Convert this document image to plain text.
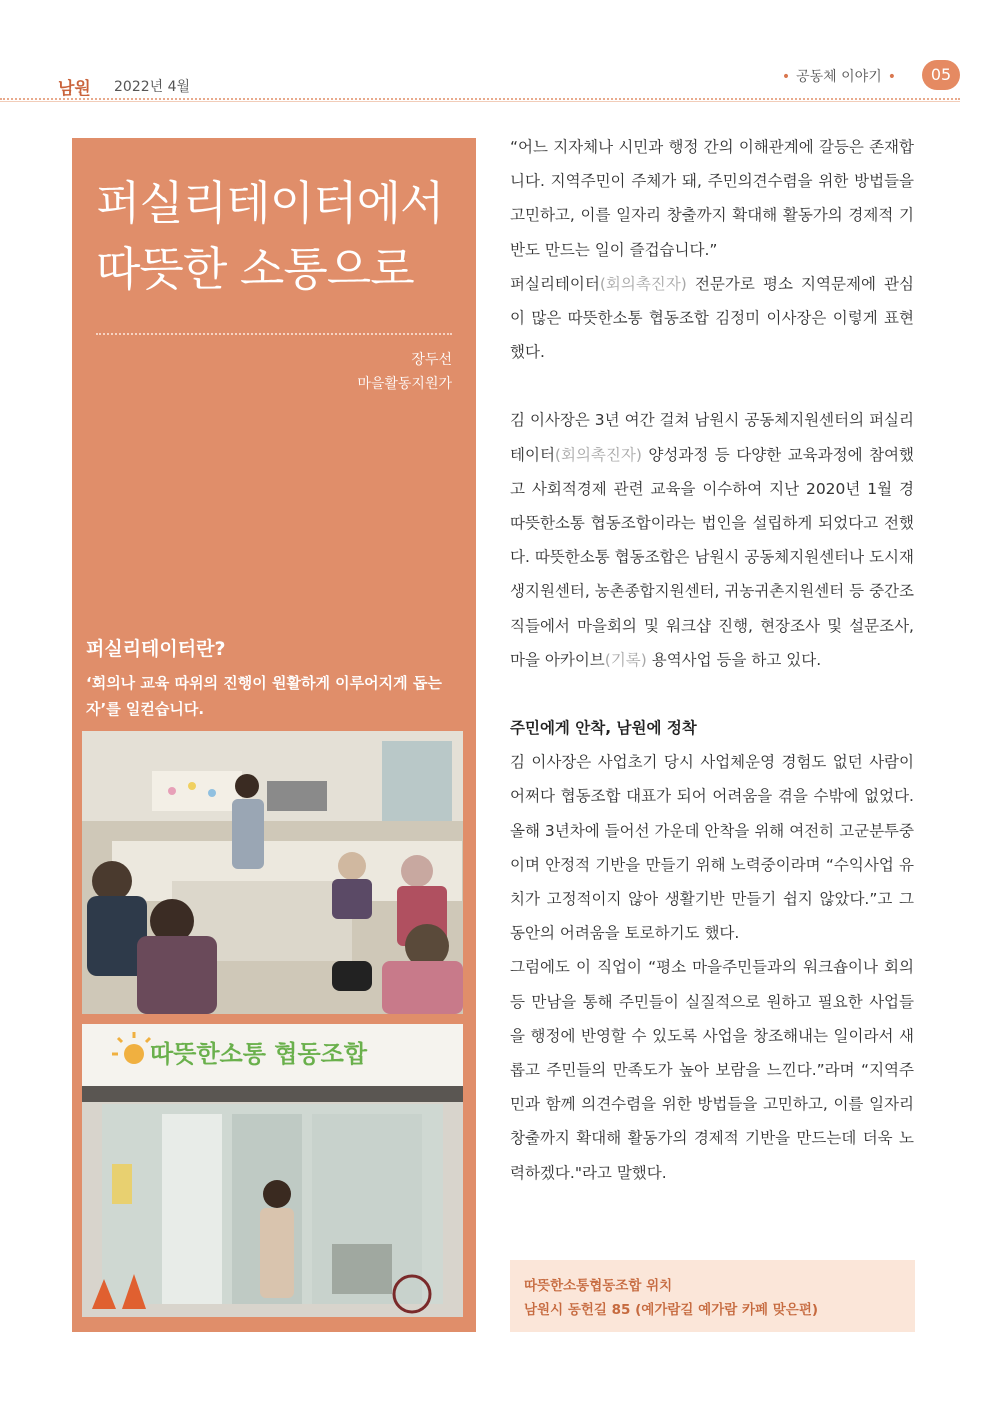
남원 2022년 4월
• 공동체 이야기 •	05
퍼실리테이터에서
따뜻한 소통으로
장두선
마을활동지원가
퍼실리테이터란?
‘회의나 교육 따위의 진행이 원활하게 이루어지게 돕는 자’를 일컫습니다.
따뜻한소통 협동조합

“어느 지자체나 시민과 행정 간의 이해관계에 갈등은 존재합니다. 지역주민이 주체가 돼, 주민의견수렴을 위한 방법들을 고민하고, 이를 일자리 창출까지 확대해 활동가의 경제적 기반도 만드는 일이 즐겁습니다.”

퍼실리테이터(회의촉진자) 전문가로 평소 지역문제에 관심이 많은 따뜻한소통 협동조합 김정미 이사장은 이렇게 표현했다.

김 이사장은 3년 여간 걸쳐 남원시 공동체지원센터의 퍼실리테이터(회의촉진자) 양성과정 등 다양한 교육과정에 참여했고 사회적경제 관련 교육을 이수하여 지난 2020년 1월 경 따뜻한소통 협동조합이라는 법인을 설립하게 되었다고 전했다. 따뜻한소통 협동조합은 남원시 공동체지원센터나 도시재생지원센터, 농촌종합지원센터, 귀농귀촌지원센터 등 중간조직들에서 마을회의 및 워크샵 진행, 현장조사 및 설문조사, 마을 아카이브(기록) 용역사업 등을 하고 있다.

주민에게 안착, 남원에 정착

김 이사장은 사업초기 당시 사업체운영 경험도 없던 사람이 어쩌다 협동조합 대표가 되어 어려움을 겪을 수밖에 없었다. 올해 3년차에 들어선 가운데 안착을 위해 여전히 고군분투중이며 안정적 기반을 만들기 위해 노력중이라며 “수익사업 유치가 고정적이지 않아 생활기반 만들기 쉽지 않았다.”고 그동안의 어려움을 토로하기도 했다.

그럼에도 이 직업이 “평소 마을주민들과의 워크숍이나 회의 등 만남을 통해 주민들이 실질적으로 원하고 필요한 사업들을 행정에 반영할 수 있도록 사업을 창조해내는 일이라서 새롭고 주민들의 만족도가 높아 보람을 느낀다.”라며 “지역주민과 함께 의견수렴을 위한 방법들을 고민하고, 이를 일자리 창출까지 확대해 활동가의 경제적 기반을 만드는데 더욱 노력하겠다."라고 말했다.

따뜻한소통협동조합 위치
남원시 동헌길 85 (예가람길 예가람 카페 맞은편)
